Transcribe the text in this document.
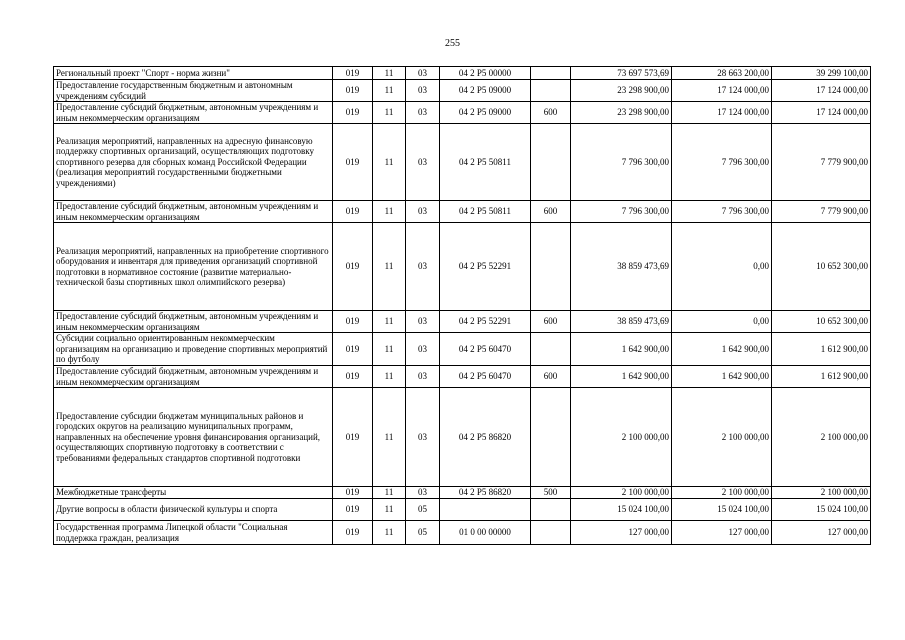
255
Региональный проект "Спорт - норма жизни"	019	11	03	04 2 Р5 00000		73 697 573,69	28 663 200,00	39 299 100,00
Предоставление государственным бюджетным и автономным учреждениям субсидий	019	11	03	04 2 Р5 09000		23 298 900,00	17 124 000,00	17 124 000,00
Предоставление субсидий бюджетным, автономным учреждениям и иным некоммерческим организациям	019	11	03	04 2 Р5 09000	600	23 298 900,00	17 124 000,00	17 124 000,00
Реализация мероприятий, направленных на адресную финансовую поддержку спортивных организаций, осуществляющих подготовку спортивного резерва для сборных команд Российской Федерации (реализация мероприятий государственными бюджетными учреждениями)	019	11	03	04 2 Р5 50811		7 796 300,00	7 796 300,00	7 779 900,00
Предоставление субсидий бюджетным, автономным учреждениям и иным некоммерческим организациям	019	11	03	04 2 Р5 50811	600	7 796 300,00	7 796 300,00	7 779 900,00
Реализация мероприятий, направленных на приобретение спортивного оборудования и инвентаря для приведения организаций спортивной подготовки в нормативное состояние (развитие материально-технической базы спортивных школ олимпийского резерва)	019	11	03	04 2 Р5 52291		38 859 473,69	0,00	10 652 300,00
Предоставление субсидий бюджетным, автономным учреждениям и иным некоммерческим организациям	019	11	03	04 2 Р5 52291	600	38 859 473,69	0,00	10 652 300,00
Субсидии социально ориентированным некоммерческим организациям на организацию и проведение спортивных мероприятий по футболу	019	11	03	04 2 Р5 60470		1 642 900,00	1 642 900,00	1 612 900,00
Предоставление субсидий бюджетным, автономным учреждениям и иным некоммерческим организациям	019	11	03	04 2 Р5 60470	600	1 642 900,00	1 642 900,00	1 612 900,00
Предоставление субсидии бюджетам муниципальных районов и городских округов на реализацию муниципальных программ, направленных на обеспечение уровня финансирования организаций, осуществляющих спортивную подготовку в соответствии с требованиями федеральных стандартов спортивной подготовки	019	11	03	04 2 Р5 86820		2 100 000,00	2 100 000,00	2 100 000,00
Межбюджетные трансферты	019	11	03	04 2 Р5 86820	500	2 100 000,00	2 100 000,00	2 100 000,00
Другие вопросы в области физической культуры и спорта	019	11	05			15 024 100,00	15 024 100,00	15 024 100,00
Государственная программа Липецкой области "Социальная поддержка граждан, реализация	019	11	05	01 0 00 00000		127 000,00	127 000,00	127 000,00
